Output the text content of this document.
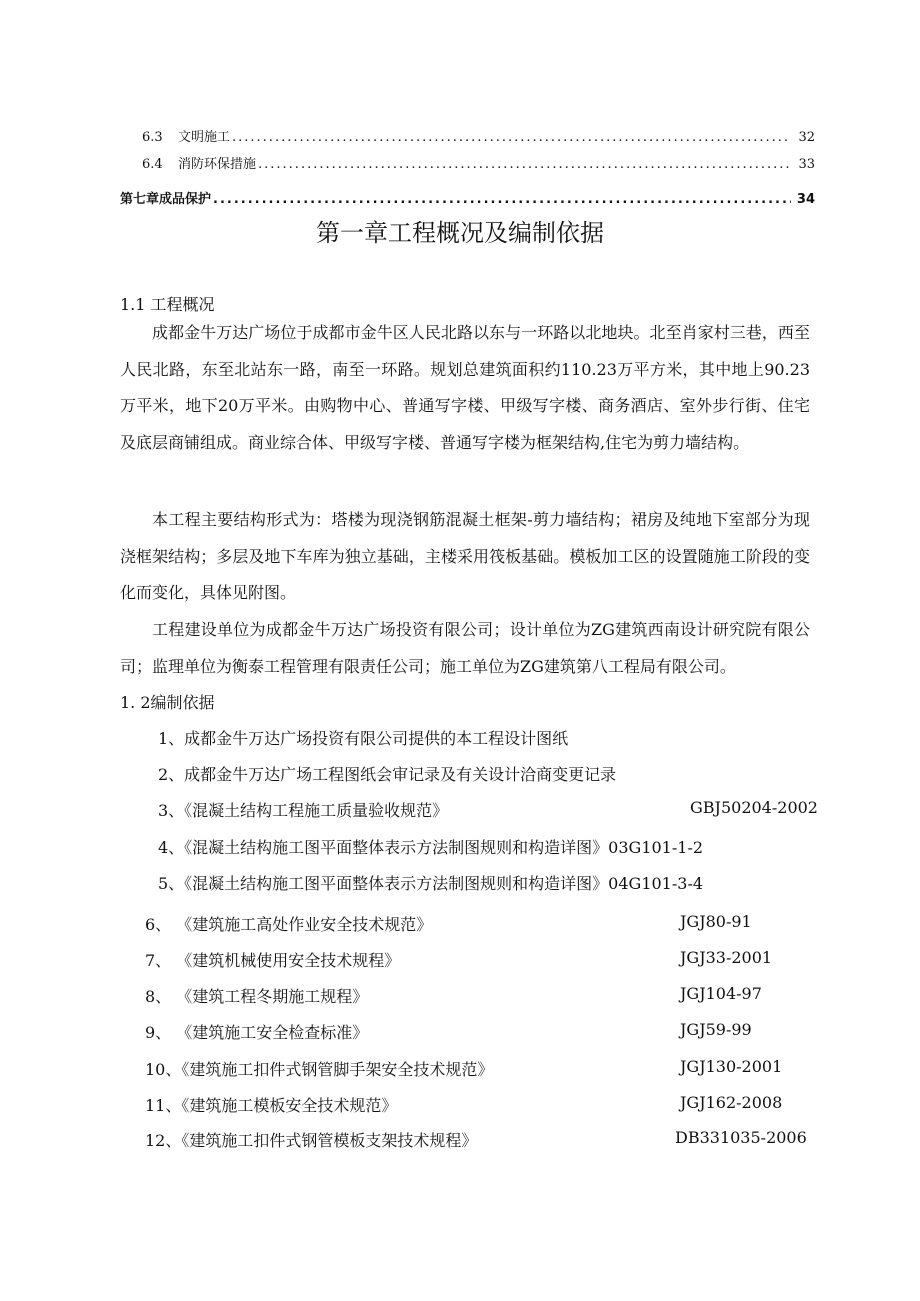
6.3	文明施工 .....	32
6.4	消防环保措施 .....	33
第七章成品保护 .....	34
第一章工程概况及编制依据
1.1 工程概况
成都金牛万达广场位于成都市金牛区人民北路以东与一环路以北地块。北至肖家村三巷，西至人民北路，东至北站东一路，南至一环路。规划总建筑面积约110.23万平方米，其中地上90.23万平米，地下20万平米。由购物中心、普通写字楼、甲级写字楼、商务酒店、室外步行街、住宅及底层商铺组成。商业综合体、甲级写字楼、普通写字楼为框架结构,住宅为剪力墙结构。
本工程主要结构形式为：塔楼为现浇钢筋混凝土框架-剪力墙结构；裙房及纯地下室部分为现浇框架结构；多层及地下车库为独立基础，主楼采用筏板基础。模板加工区的设置随施工阶段的变化而变化，具体见附图。
工程建设单位为成都金牛万达广场投资有限公司；设计单位为ZG建筑西南设计研究院有限公司；监理单位为衡泰工程管理有限责任公司；施工单位为ZG建筑第八工程局有限公司。
1. 2编制依据
1、成都金牛万达广场投资有限公司提供的本工程设计图纸
2、成都金牛万达广场工程图纸会审记录及有关设计洽商变更记录
3、《混凝土结构工程施工质量验收规范》	GBJ50204-2002
4、《混凝土结构施工图平面整体表示方法制图规则和构造详图》03G101-1-2
5、《混凝土结构施工图平面整体表示方法制图规则和构造详图》04G101-3-4
6、 《建筑施工高处作业安全技术规范》	JGJ80-91
7、 《建筑机械使用安全技术规程》	JGJ33-2001
8、 《建筑工程冬期施工规程》	JGJ104-97
9、 《建筑施工安全检查标准》	JGJ59-99
10、《建筑施工扣件式钢管脚手架安全技术规范》	JGJ130-2001
11、《建筑施工模板安全技术规范》	JGJ162-2008
12、《建筑施工扣件式钢管模板支架技术规程》	DB331035-2006
